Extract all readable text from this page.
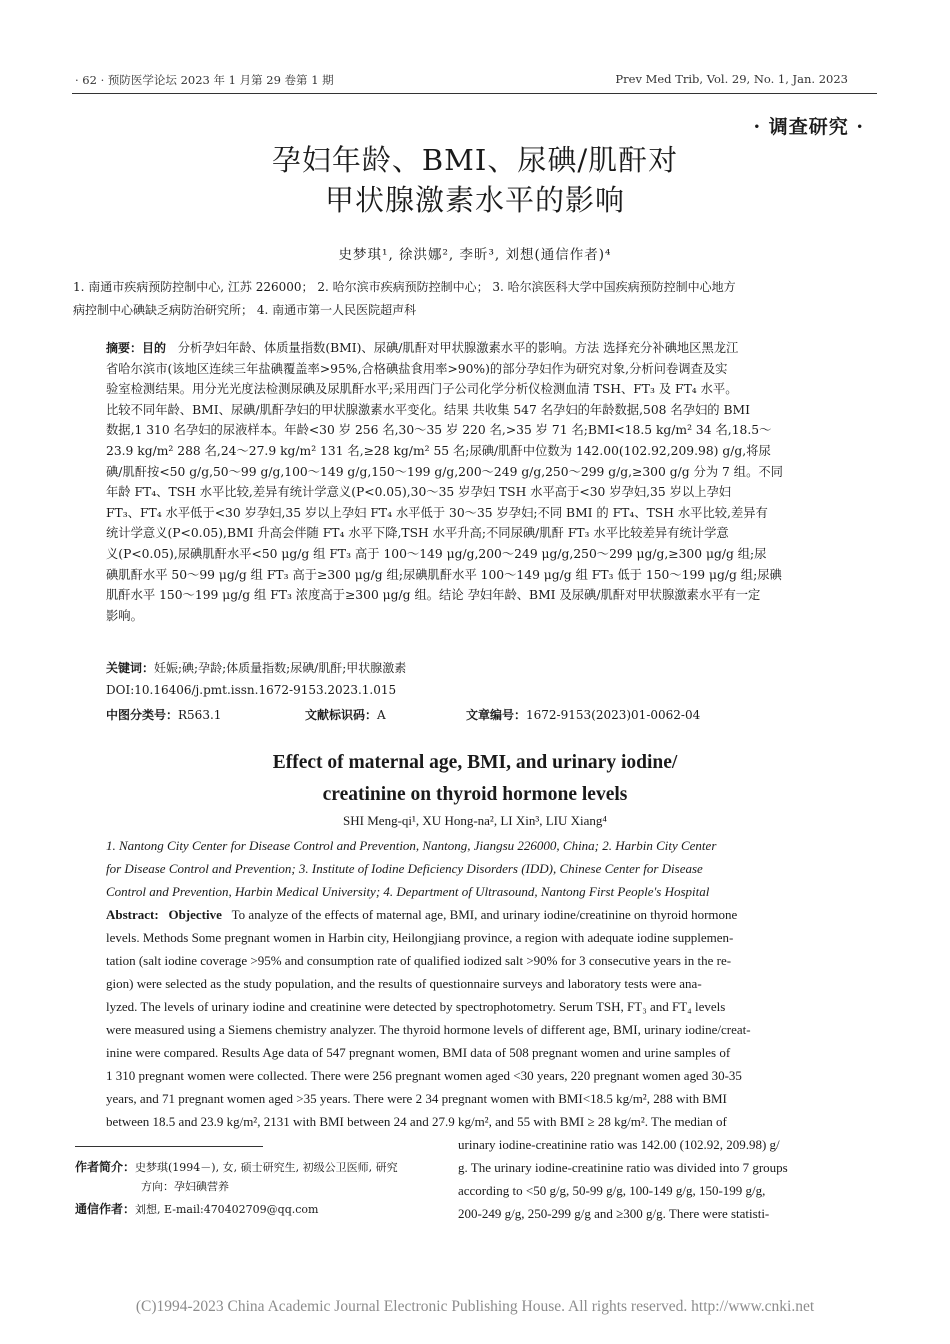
· 62 · 预防医学论坛 2023 年 1 月第 29 卷第 1 期	Prev Med Trib, Vol. 29, No. 1, Jan. 2023
· 调查研究 ·
孕妇年龄、BMI、尿碘/肌酐对
甲状腺激素水平的影响
史梦琪¹, 徐洪娜², 李昕³, 刘想(通信作者)⁴
1. 南通市疾病预防控制中心, 江苏 226000； 2. 哈尔滨市疾病预防控制中心； 3. 哈尔滨医科大学中国疾病预防控制中心地方
病控制中心碘缺乏病防治研究所； 4. 南通市第一人民医院超声科
摘要：目的 分析孕妇年龄、体质量指数(BMI)、尿碘/肌酐对甲状腺激素水平的影响。方法 选择充分补碘地区黑龙江
省哈尔滨市(该地区连续三年盐碘覆盖率>95%,合格碘盐食用率>90%)的部分孕妇作为研究对象,分析问卷调查及实
验室检测结果。用分光光度法检测尿碘及尿肌酐水平;采用西门子公司化学分析仪检测血清 TSH、FT₃ 及 FT₄ 水平。
比较不同年龄、BMI、尿碘/肌酐孕妇的甲状腺激素水平变化。结果 共收集 547 名孕妇的年龄数据,508 名孕妇的 BMI
数据,1 310 名孕妇的尿液样本。年龄<30 岁 256 名,30～35 岁 220 名,>35 岁 71 名;BMI<18.5 kg/m² 34 名,18.5～
23.9 kg/m² 288 名,24～27.9 kg/m² 131 名,≥28 kg/m² 55 名;尿碘/肌酐中位数为 142.00(102.92,209.98) g/g,将尿
碘/肌酐按<50 g/g,50～99 g/g,100～149 g/g,150～199 g/g,200～249 g/g,250～299 g/g,≥300 g/g 分为 7 组。不同
年龄 FT₄、TSH 水平比较,差异有统计学意义(P<0.05),30～35 岁孕妇 TSH 水平高于<30 岁孕妇,35 岁以上孕妇
FT₃、FT₄ 水平低于<30 岁孕妇,35 岁以上孕妇 FT₄ 水平低于 30～35 岁孕妇;不同 BMI 的 FT₄、TSH 水平比较,差异有
统计学意义(P<0.05),BMI 升高会伴随 FT₄ 水平下降,TSH 水平升高;不同尿碘/肌酐 FT₃ 水平比较差异有统计学意
义(P<0.05),尿碘肌酐水平<50 μg/g 组 FT₃ 高于 100～149 μg/g,200～249 μg/g,250～299 μg/g,≥300 μg/g 组;尿
碘肌酐水平 50～99 μg/g 组 FT₃ 高于≥300 μg/g 组;尿碘肌酐水平 100～149 μg/g 组 FT₃ 低于 150～199 μg/g 组;尿碘
肌酐水平 150～199 μg/g 组 FT₃ 浓度高于≥300 μg/g 组。结论 孕妇年龄、BMI 及尿碘/肌酐对甲状腺激素水平有一定
影响。
关键词：妊娠;碘;孕龄;体质量指数;尿碘/肌酐;甲状腺激素
DOI:10.16406/j.pmt.issn.1672-9153.2023.1.015
中图分类号：R563.1	文献标识码：A	文章编号：1672-9153(2023)01-0062-04
Effect of maternal age, BMI, and urinary iodine/
creatinine on thyroid hormone levels
SHI Meng-qi¹, XU Hong-na², LI Xin³, LIU Xiang⁴
1. Nantong City Center for Disease Control and Prevention, Nantong, Jiangsu 226000, China; 2. Harbin City Center
for Disease Control and Prevention; 3. Institute of Iodine Deficiency Disorders (IDD), Chinese Center for Disease
Control and Prevention, Harbin Medical University; 4. Department of Ultrasound, Nantong First People's Hospital
Abstract: Objective To analyze of the effects of maternal age, BMI, and urinary iodine/creatinine on thyroid hormone
levels. Methods Some pregnant women in Harbin city, Heilongjiang province, a region with adequate iodine supplemen-
tation (salt iodine coverage >95% and consumption rate of qualified iodized salt >90% for 3 consecutive years in the re-
gion) were selected as the study population, and the results of questionnaire surveys and laboratory tests were ana-
lyzed. The levels of urinary iodine and creatinine were detected by spectrophotometry. Serum TSH, FT₃ and FT₄ levels
were measured using a Siemens chemistry analyzer. The thyroid hormone levels of different age, BMI, urinary iodine/creat-
inine were compared. Results Age data of 547 pregnant women, BMI data of 508 pregnant women and urine samples of
1 310 pregnant women were collected. There were 256 pregnant women aged <30 years, 220 pregnant women aged 30-35
years, and 71 pregnant women aged >35 years. There were 2 34 pregnant women with BMI<18.5 kg/m², 288 with BMI
between 18.5 and 23.9 kg/m², 2131 with BMI between 24 and 27.9 kg/m², and 55 with BMI ≥ 28 kg/m². The median of
urinary iodine-creatinine ratio was 142.00 (102.92, 209.98) g/
g. The urinary iodine-creatinine ratio was divided into 7 groups
according to <50 g/g, 50-99 g/g, 100-149 g/g, 150-199 g/g,
200-249 g/g, 250-299 g/g and ≥300 g/g. There were statisti-
作者简介：史梦琪(1994－), 女, 硕士研究生, 初级公卫医师, 研究
方向：孕妇碘营养
通信作者：刘想, E-mail:470402709@qq.com
(C)1994-2023 China Academic Journal Electronic Publishing House. All rights reserved. http://www.cnki.net
